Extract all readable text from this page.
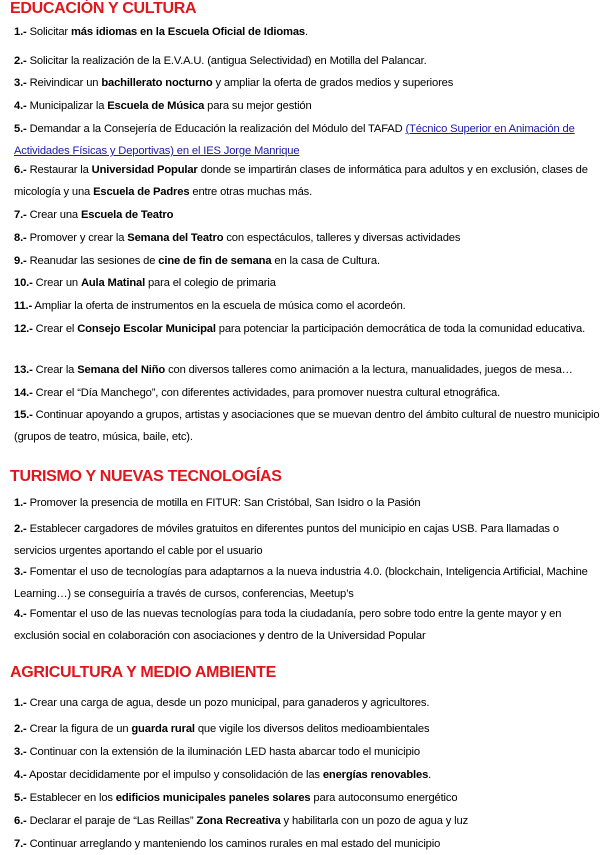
EDUCACIÓN Y CULTURA

1.- Solicitar más idiomas en la Escuela Oficial de Idiomas.

2.- Solicitar la realización de la E.V.A.U. (antigua Selectividad) en Motilla del Palancar.

3.- Reivindicar un bachillerato nocturno y ampliar la oferta de grados medios y superiores

4.- Municipalizar la Escuela de Música para su mejor gestión

5.- Demandar a la Consejería de Educación la realización del Módulo del TAFAD (Técnico Superior en Animación de Actividades Físicas y Deportivas) en el IES Jorge Manrique

6.- Restaurar la Universidad Popular donde se impartirán clases de informática para adultos y en exclusión, clases de micología y una Escuela de Padres entre otras muchas más.

7.- Crear una Escuela de Teatro

8.- Promover y crear la Semana del Teatro con espectáculos, talleres y diversas actividades

9.- Reanudar las sesiones de cine de fin de semana en la casa de Cultura.

10.- Crear un Aula Matinal para el colegio de primaria

11.- Ampliar la oferta de instrumentos en la escuela de música como el acordeón.

12.- Crear el Consejo Escolar Municipal para potenciar la participación democrática de toda la comunidad educativa.

13.- Crear la Semana del Niño con diversos talleres como animación a la lectura, manualidades, juegos de mesa…

14.- Crear el “Día Manchego”, con diferentes actividades, para promover nuestra cultural etnográfica.

15.- Continuar apoyando a grupos, artistas y asociaciones que se muevan dentro del ámbito cultural de nuestro municipio (grupos de teatro, música, baile, etc).

TURISMO Y NUEVAS TECNOLOGÍAS

1.- Promover la presencia de motilla en FITUR: San Cristóbal, San Isidro o la Pasión

2.- Establecer cargadores de móviles gratuitos en diferentes puntos del municipio en cajas USB. Para llamadas o servicios urgentes aportando el cable por el usuario

3.- Fomentar el uso de tecnologías para adaptarnos a la nueva industria 4.0. (blockchain, Inteligencia Artificial, Machine Learning…) se conseguiría a través de cursos, conferencias, Meetup’s

4.- Fomentar el uso de las nuevas tecnologías para toda la ciudadanía, pero sobre todo entre la gente mayor y en exclusión social en colaboración con asociaciones y dentro de la Universidad Popular

AGRICULTURA Y MEDIO AMBIENTE

1.- Crear una carga de agua, desde un pozo municipal, para ganaderos y agricultores.

2.- Crear la figura de un guarda rural que vigile los diversos delitos medioambientales

3.- Continuar con la extensión de la iluminación LED hasta abarcar todo el municipio

4.- Apostar decididamente por el impulso y consolidación de las energías renovables.

5.- Establecer en los edificios municipales paneles solares para autoconsumo energético

6.- Declarar el paraje de “Las Reillas” Zona Recreativa y habilitarla con un pozo de agua y luz

7.- Continuar arreglando y manteniendo los caminos rurales en mal estado del municipio
